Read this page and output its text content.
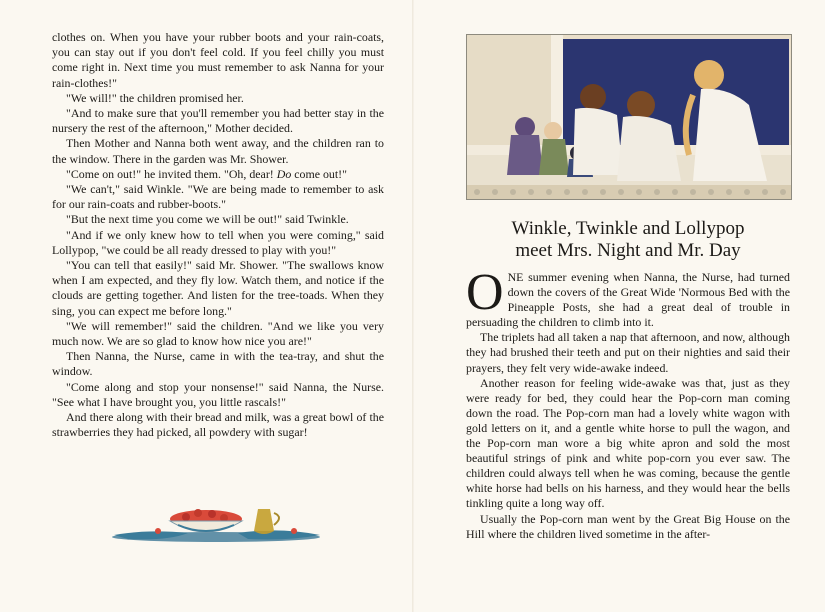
clothes on. When you have your rubber boots and your rain-coats, you can stay out if you don't feel cold. If you feel chilly you must come right in. Next time you must remember to ask Nanna for your rain-clothes!"

"We will!" the children promised her.

"And to make sure that you'll remember you had better stay in the nursery the rest of the afternoon," Mother decided.

Then Mother and Nanna both went away, and the children ran to the window. There in the garden was Mr. Shower.

"Come on out!" he invited them. "Oh, dear! Do come out!"

"We can't," said Winkle. "We are being made to remember to ask for our rain-coats and rubber-boots."

"But the next time you come we will be out!" said Twinkle.

"And if we only knew how to tell when you were coming," said Lollypop, "we could be all ready dressed to play with you!"

"You can tell that easily!" said Mr. Shower. "The swallows know when I am expected, and they fly low. Watch them, and notice if the clouds are getting together. And listen for the tree-toads. When they sing, you can expect me before long."

"We will remember!" said the children. "And we like you very much now. We are so glad to know how nice you are!"

Then Nanna, the Nurse, came in with the tea-tray, and shut the window.

"Come along and stop your nonsense!" said Nanna, the Nurse. "See what I have brought you, you little rascals!"

And there along with their bread and milk, was a great bowl of the strawberries they had picked, all powdery with sugar!

Winkle, Twinkle and Lollypop
meet Mrs. Night and Mr. Day

ONE summer evening when Nanna, the Nurse, had turned down the covers of the Great Wide 'Normous Bed with the Pineapple Posts, she had a great deal of trouble in persuading the children to climb into it.

The triplets had all taken a nap that afternoon, and now, although they had brushed their teeth and put on their nighties and said their prayers, they felt very wide-awake indeed.

Another reason for feeling wide-awake was that, just as they were ready for bed, they could hear the Pop-corn man coming down the road. The Pop-corn man had a lovely white wagon with gold letters on it, and a gentle white horse to pull the wagon, and the Pop-corn man wore a big white apron and sold the most beautiful strings of pink and white pop-corn you ever saw. The children could always tell when he was coming, because the gentle white horse had bells on his harness, and they would hear the bells tinkling quite a long way off.

Usually the Pop-corn man went by the Great Big House on the Hill where the children lived sometime in the after-
